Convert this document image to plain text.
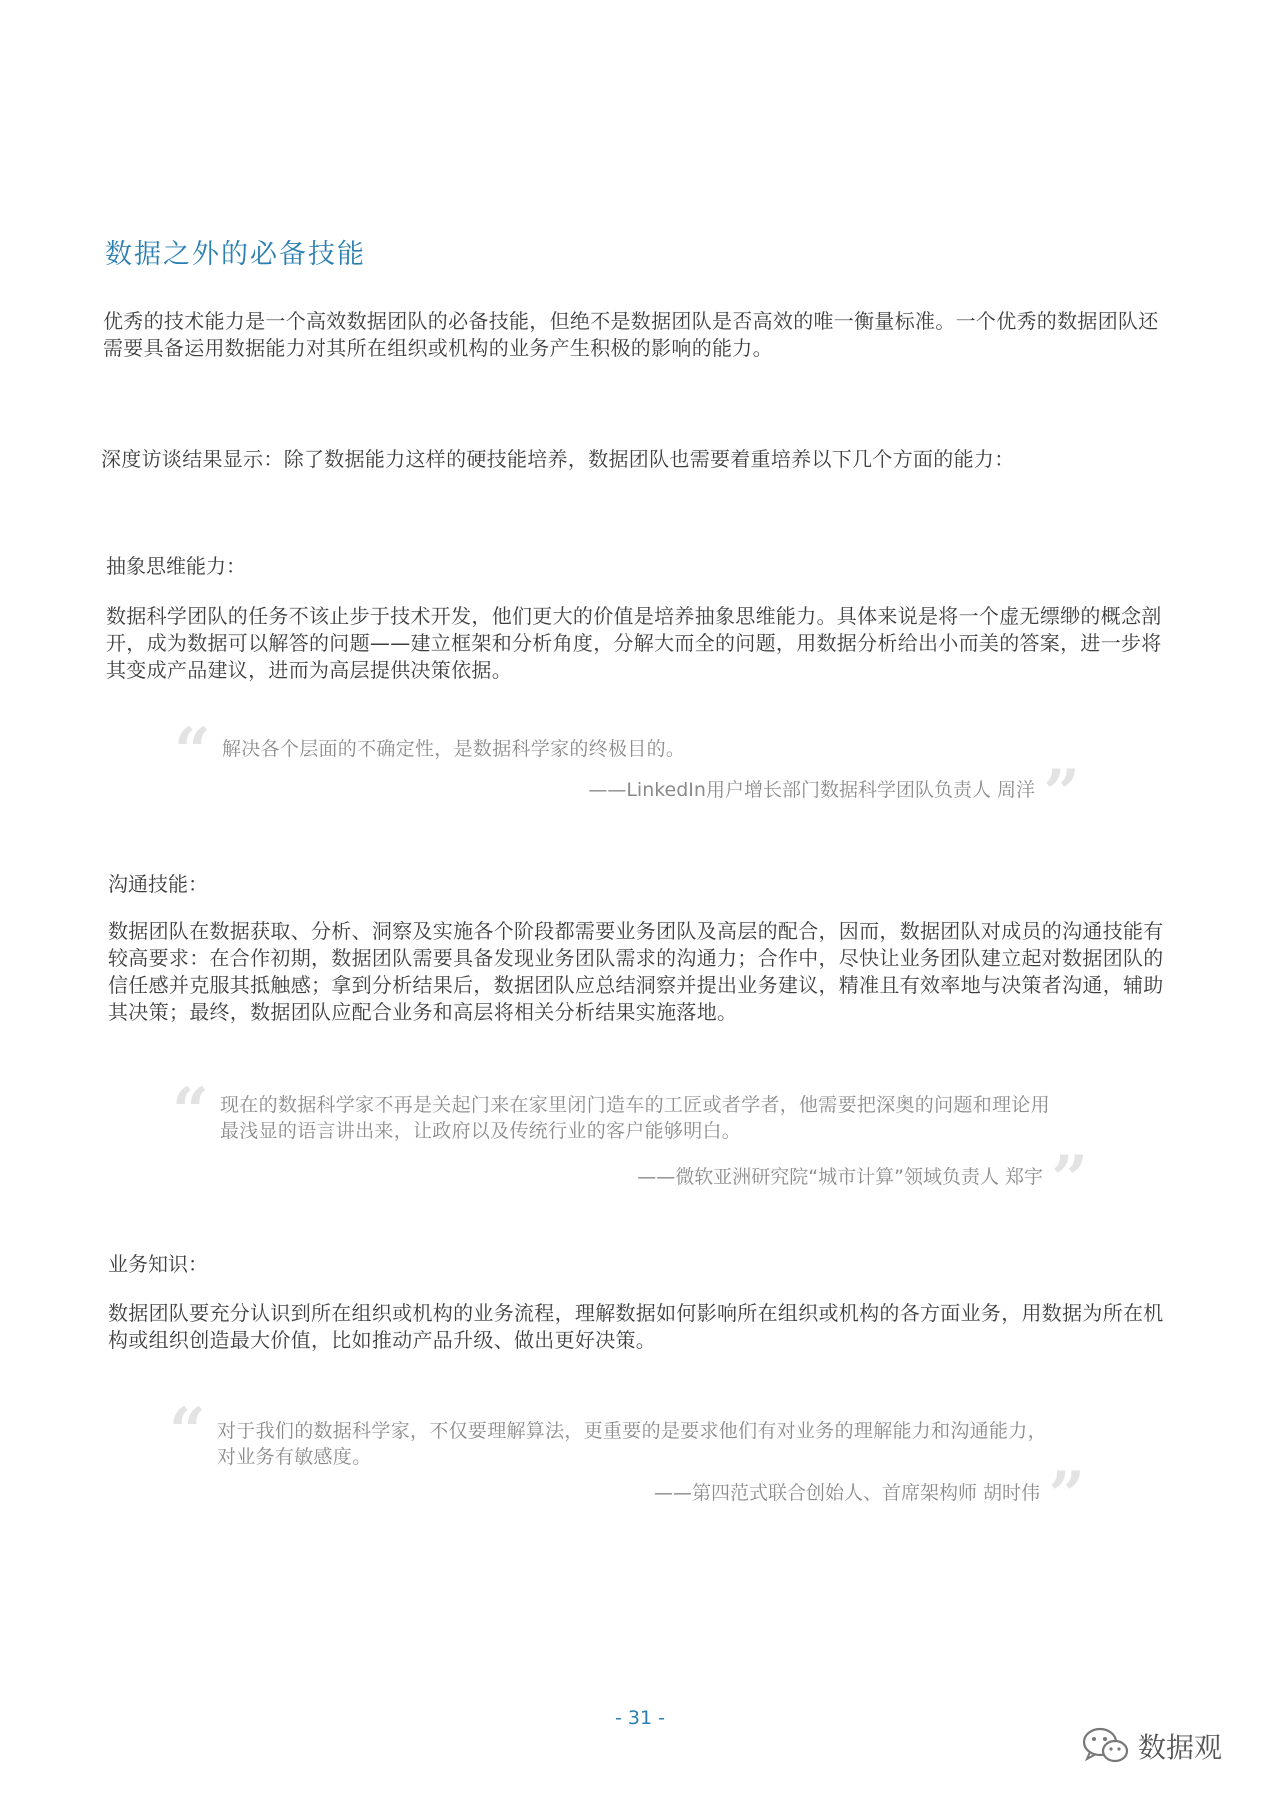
数据之外的必备技能

优秀的技术能力是一个高效数据团队的必备技能，但绝不是数据团队是否高效的唯一衡量标准。一个优秀的数据团队还需要具备运用数据能力对其所在组织或机构的业务产生积极的影响的能力。

深度访谈结果显示：除了数据能力这样的硬技能培养，数据团队也需要着重培养以下几个方面的能力：

抽象思维能力：

数据科学团队的任务不该止步于技术开发，他们更大的价值是培养抽象思维能力。具体来说是将一个虚无缥缈的概念剖开，成为数据可以解答的问题——建立框架和分析角度，分解大而全的问题，用数据分析给出小而美的答案，进一步将其变成产品建议，进而为高层提供决策依据。

“ 解决各个层面的不确定性，是数据科学家的终极目的。

——LinkedIn用户增长部门数据科学团队负责人 周洋 ”

沟通技能：

数据团队在数据获取、分析、洞察及实施各个阶段都需要业务团队及高层的配合，因而，数据团队对成员的沟通技能有较高要求：在合作初期，数据团队需要具备发现业务团队需求的沟通力；合作中，尽快让业务团队建立起对数据团队的信任感并克服其抵触感；拿到分析结果后，数据团队应总结洞察并提出业务建议，精准且有效率地与决策者沟通，辅助其决策；最终，数据团队应配合业务和高层将相关分析结果实施落地。

“ 现在的数据科学家不再是关起门来在家里闭门造车的工匠或者学者，他需要把深奥的问题和理论用最浅显的语言讲出来，让政府以及传统行业的客户能够明白。

——微软亚洲研究院“城市计算”领域负责人 郑宇 ”

业务知识：

数据团队要充分认识到所在组织或机构的业务流程，理解数据如何影响所在组织或机构的各方面业务，用数据为所在机构或组织创造最大价值，比如推动产品升级、做出更好决策。

“ 对于我们的数据科学家，不仅要理解算法，更重要的是要求他们有对业务的理解能力和沟通能力，对业务有敏感度。

——第四范式联合创始人、首席架构师 胡时伟 ”
- 31 -
数据观
